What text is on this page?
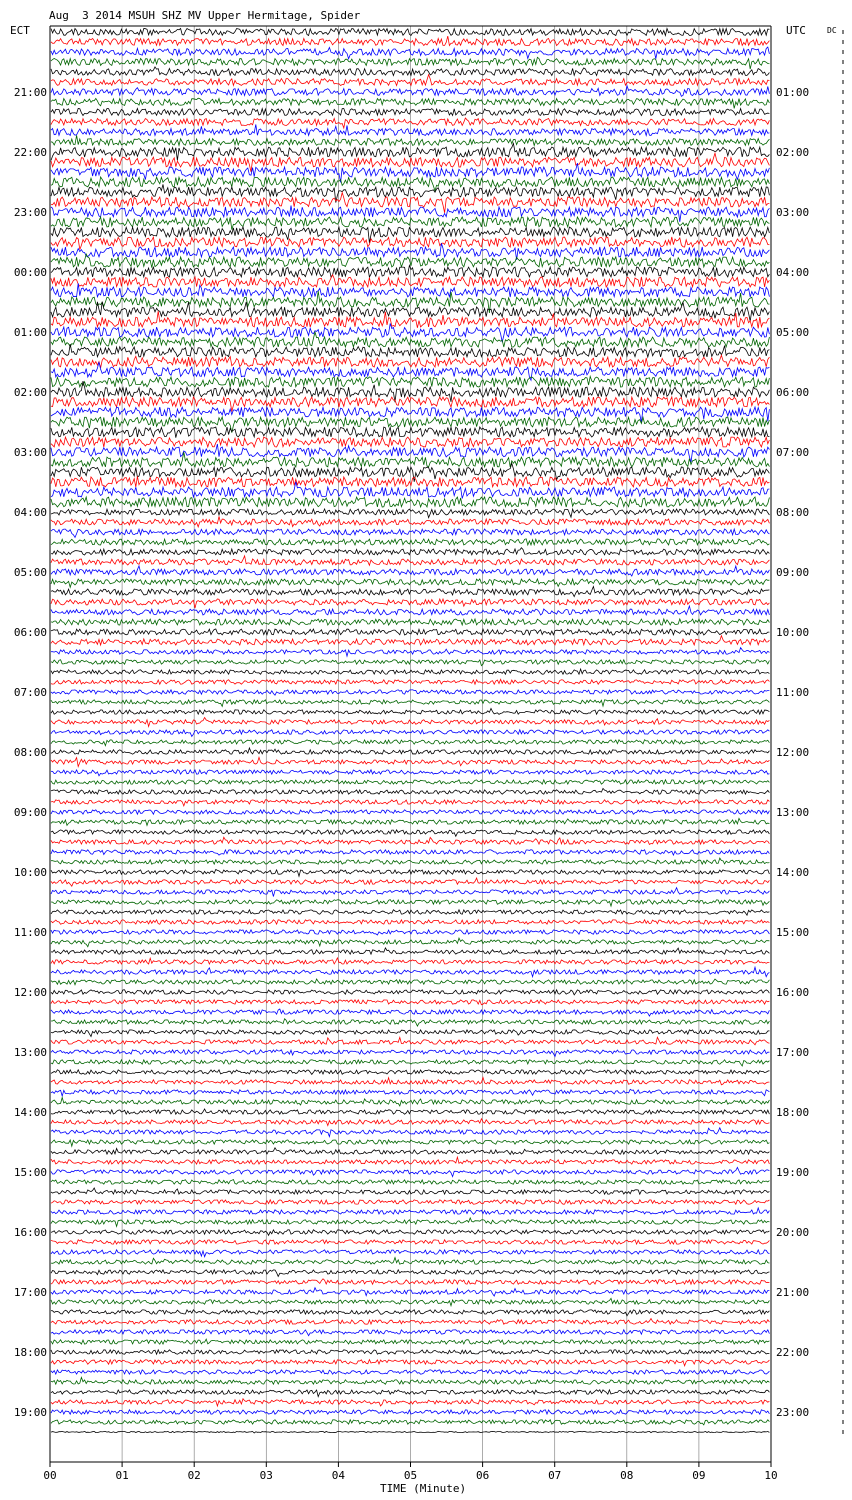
00	01	02	03	04	05	06	07	08	09	10
21:00
22:00
23:00
00:00
01:00
02:00
03:00
04:00
05:00
06:00
07:00
08:00
09:00
10:00
11:00
12:00
13:00
14:00
15:00
16:00
17:00
18:00
19:00
01:00
02:00
03:00
04:00
05:00
06:00
07:00
08:00
09:00
10:00
11:00
12:00
13:00
14:00
15:00
16:00
17:00
18:00
19:00
20:00
21:00
22:00
23:00
Aug  3 2014 MSUH SHZ MV Upper Hermitage, Spider
ECT	UTC	DC
TIME (Minute)
